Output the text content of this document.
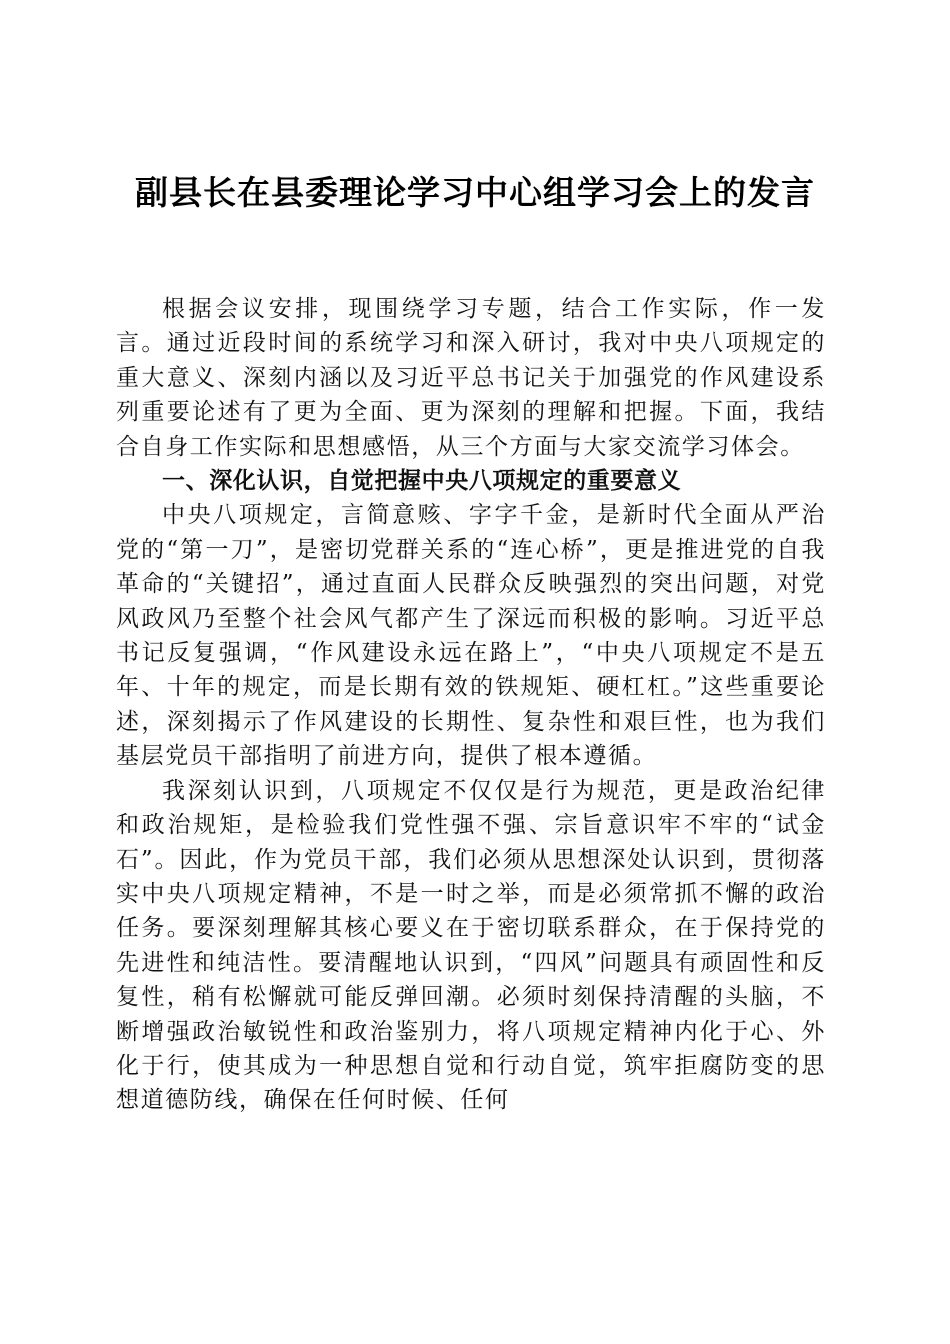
副县长在县委理论学习中心组学习会上的发言

根据会议安排，现围绕学习专题，结合工作实际，作一发言。通过近段时间的系统学习和深入研讨，我对中央八项规定的重大意义、深刻内涵以及习近平总书记关于加强党的作风建设系列重要论述有了更为全面、更为深刻的理解和把握。下面，我结合自身工作实际和思想感悟，从三个方面与大家交流学习体会。

一、深化认识，自觉把握中央八项规定的重要意义

中央八项规定，言简意赅、字字千金，是新时代全面从严治党的“第一刀”，是密切党群关系的“连心桥”，更是推进党的自我革命的“关键招”，通过直面人民群众反映强烈的突出问题，对党风政风乃至整个社会风气都产生了深远而积极的影响。习近平总书记反复强调，“作风建设永远在路上”，“中央八项规定不是五年、十年的规定，而是长期有效的铁规矩、硬杠杠。”这些重要论述，深刻揭示了作风建设的长期性、复杂性和艰巨性，也为我们基层党员干部指明了前进方向，提供了根本遵循。

我深刻认识到，八项规定不仅仅是行为规范，更是政治纪律和政治规矩，是检验我们党性强不强、宗旨意识牢不牢的“试金石”。因此，作为党员干部，我们必须从思想深处认识到，贯彻落实中央八项规定精神，不是一时之举，而是必须常抓不懈的政治任务。要深刻理解其核心要义在于密切联系群众，在于保持党的先进性和纯洁性。要清醒地认识到，“四风”问题具有顽固性和反复性，稍有松懈就可能反弹回潮。必须时刻保持清醒的头脑，不断增强政治敏锐性和政治鉴别力，将八项规定精神内化于心、外化于行，使其成为一种思想自觉和行动自觉，筑牢拒腐防变的思想道德防线，确保在任何时候、任何
